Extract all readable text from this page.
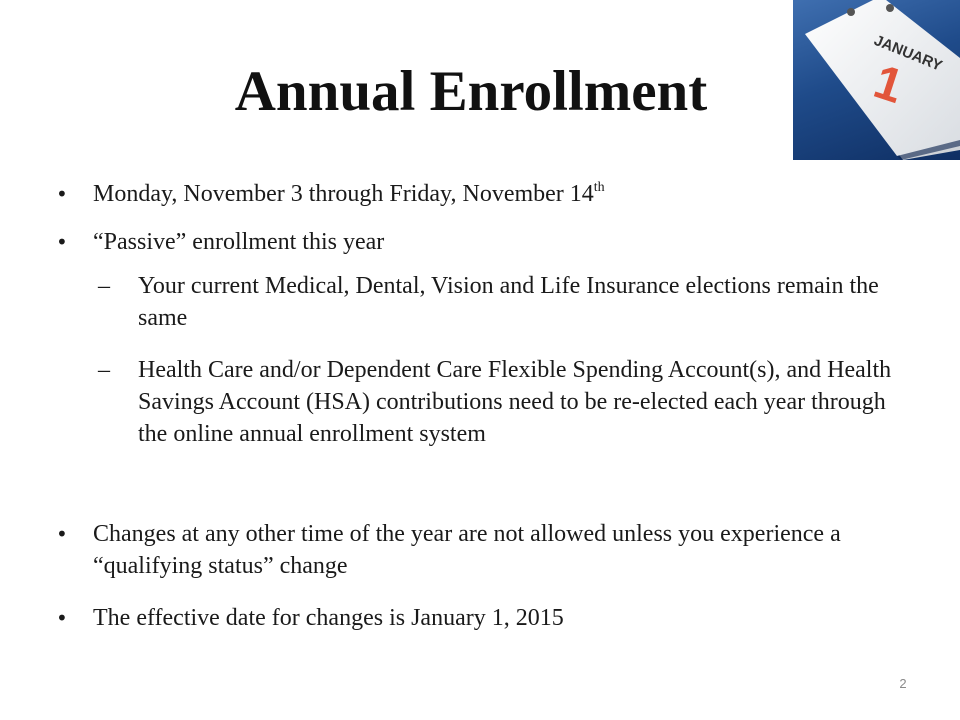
Annual Enrollment
JANUARY
1
• Monday, November 3 through Friday, November 14th
• “Passive” enrollment this year
– Your current Medical, Dental, Vision and Life Insurance elections remain the same
– Health Care and/or Dependent Care Flexible Spending Account(s), and Health Savings Account (HSA) contributions need to be re-elected each year through the online annual enrollment system
• Changes at any other time of the year are not allowed unless you experience a “qualifying status” change
• The effective date for changes is January 1, 2015
2
